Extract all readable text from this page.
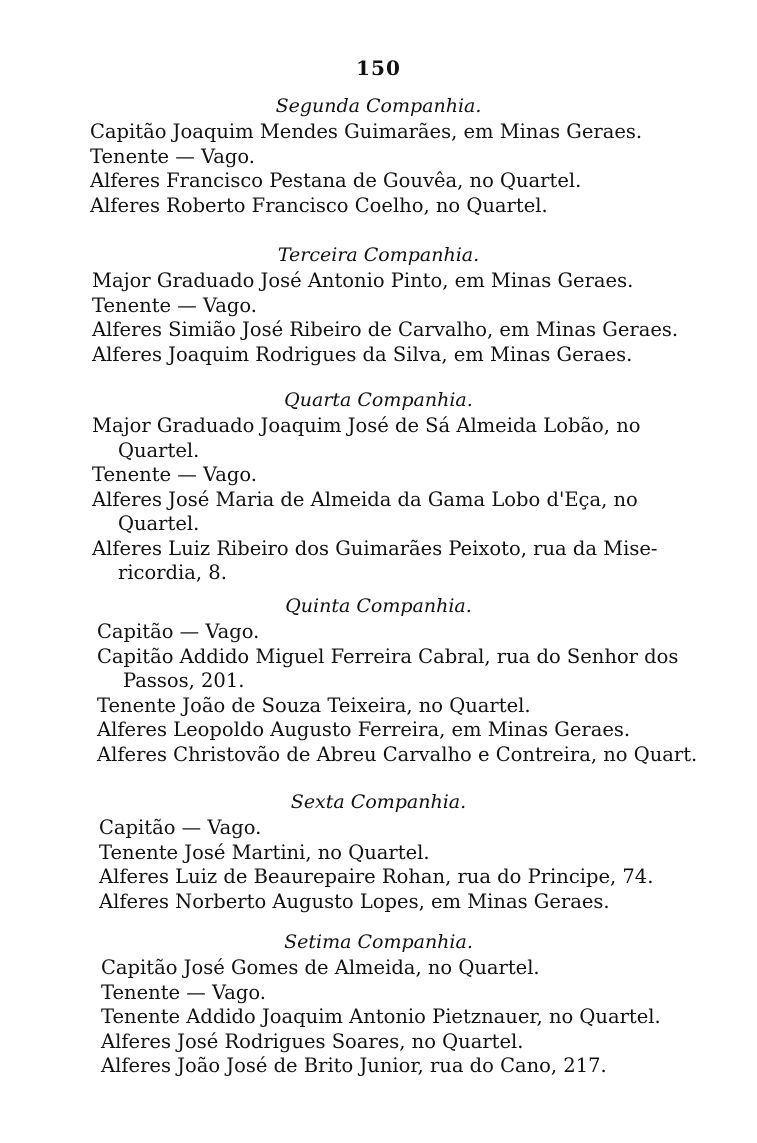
150

Segunda Companhia.

Capitão Joaquim Mendes Guimarães, em Minas Geraes.

Tenente — Vago.

Alferes Francisco Pestana de Gouvêa, no Quartel.

Alferes Roberto Francisco Coelho, no Quartel.

Terceira Companhia.

Major Graduado José Antonio Pinto, em Minas Geraes.

Tenente — Vago.

Alferes Simião José Ribeiro de Carvalho, em Minas Geraes.

Alferes Joaquim Rodrigues da Silva, em Minas Geraes.

Quarta Companhia.

Major Graduado Joaquim José de Sá Almeida Lobão, no
Quartel.

Tenente — Vago.

Alferes José Maria de Almeida da Gama Lobo d'Eça, no
Quartel.

Alferes Luiz Ribeiro dos Guimarães Peixoto, rua da Mise-
ricordia, 8.

Quinta Companhia.

Capitão — Vago.

Capitão Addido Miguel Ferreira Cabral, rua do Senhor dos
Passos, 201.

Tenente João de Souza Teixeira, no Quartel.

Alferes Leopoldo Augusto Ferreira, em Minas Geraes.

Alferes Christovão de Abreu Carvalho e Contreira, no Quart.

Sexta Companhia.

Capitão — Vago.

Tenente José Martini, no Quartel.

Alferes Luiz de Beaurepaire Rohan, rua do Principe, 74.

Alferes Norberto Augusto Lopes, em Minas Geraes.

Setima Companhia.

Capitão José Gomes de Almeida, no Quartel.

Tenente — Vago.

Tenente Addido Joaquim Antonio Pietznauer, no Quartel.

Alferes José Rodrigues Soares, no Quartel.

Alferes João José de Brito Junior, rua do Cano, 217.
